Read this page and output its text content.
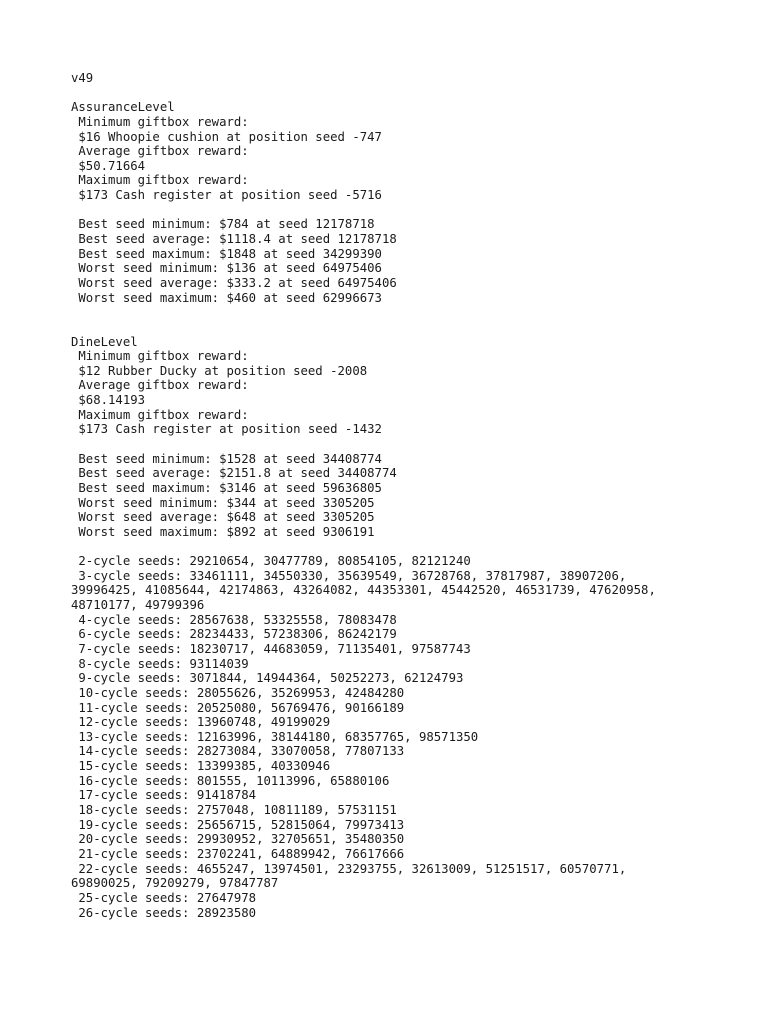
v49
AssuranceLevel
Minimum giftbox reward:
$16 Whoopie cushion at position seed -747
Average giftbox reward:
$50.71664
Maximum giftbox reward:
$173 Cash register at position seed -5716
Best seed minimum: $784 at seed 12178718
Best seed average: $1118.4 at seed 12178718
Best seed maximum: $1848 at seed 34299390
Worst seed minimum: $136 at seed 64975406
Worst seed average: $333.2 at seed 64975406
Worst seed maximum: $460 at seed 62996673
DineLevel
Minimum giftbox reward:
$12 Rubber Ducky at position seed -2008
Average giftbox reward:
$68.14193
Maximum giftbox reward:
$173 Cash register at position seed -1432
Best seed minimum: $1528 at seed 34408774
Best seed average: $2151.8 at seed 34408774
Best seed maximum: $3146 at seed 59636805
Worst seed minimum: $344 at seed 3305205
Worst seed average: $648 at seed 3305205
Worst seed maximum: $892 at seed 9306191
2-cycle seeds: 29210654, 30477789, 80854105, 82121240
3-cycle seeds: 33461111, 34550330, 35639549, 36728768, 37817987, 38907206,
39996425, 41085644, 42174863, 43264082, 44353301, 45442520, 46531739, 47620958,
48710177, 49799396
4-cycle seeds: 28567638, 53325558, 78083478
6-cycle seeds: 28234433, 57238306, 86242179
7-cycle seeds: 18230717, 44683059, 71135401, 97587743
8-cycle seeds: 93114039
9-cycle seeds: 3071844, 14944364, 50252273, 62124793
10-cycle seeds: 28055626, 35269953, 42484280
11-cycle seeds: 20525080, 56769476, 90166189
12-cycle seeds: 13960748, 49199029
13-cycle seeds: 12163996, 38144180, 68357765, 98571350
14-cycle seeds: 28273084, 33070058, 77807133
15-cycle seeds: 13399385, 40330946
16-cycle seeds: 801555, 10113996, 65880106
17-cycle seeds: 91418784
18-cycle seeds: 2757048, 10811189, 57531151
19-cycle seeds: 25656715, 52815064, 79973413
20-cycle seeds: 29930952, 32705651, 35480350
21-cycle seeds: 23702241, 64889942, 76617666
22-cycle seeds: 4655247, 13974501, 23293755, 32613009, 51251517, 60570771,
69890025, 79209279, 97847787
25-cycle seeds: 27647978
26-cycle seeds: 28923580
